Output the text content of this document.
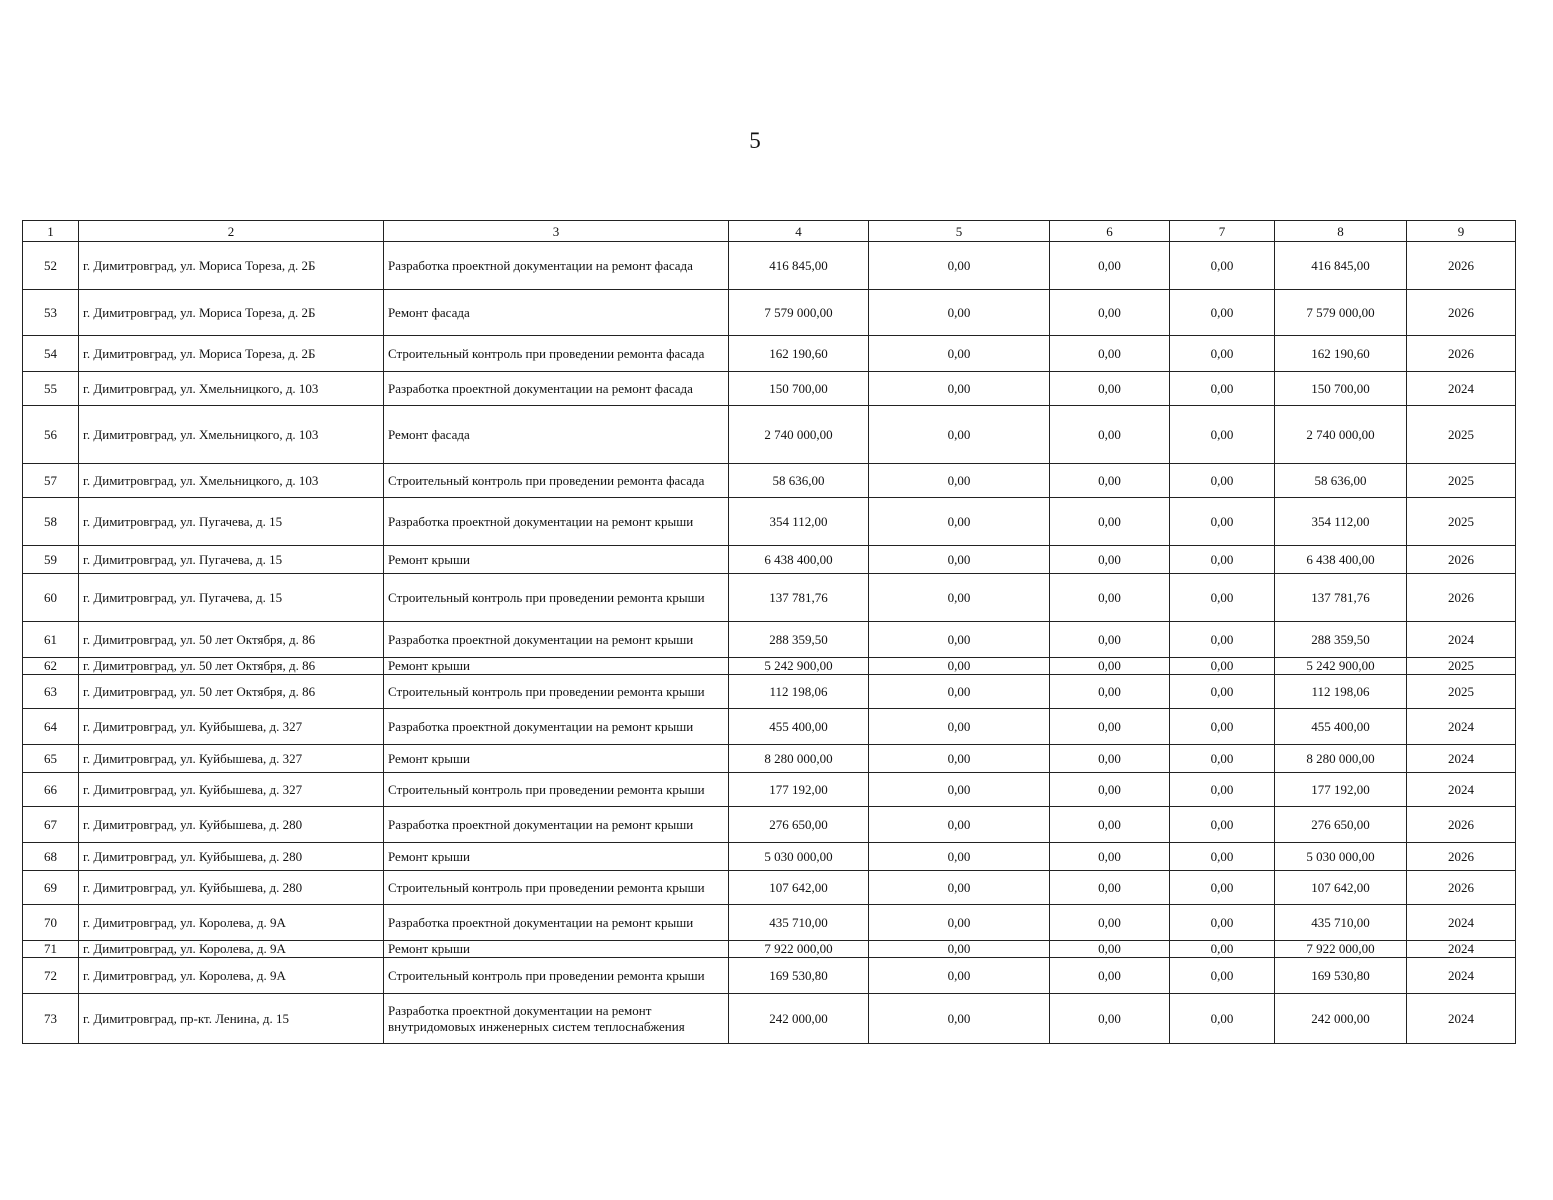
5
1	2	3	4	5	6	7	8	9
52	г. Димитровград, ул. Мориса Тореза, д. 2Б	Разработка проектной документации на ремонт фасада	416 845,00	0,00	0,00	0,00	416 845,00	2026
53	г. Димитровград, ул. Мориса Тореза, д. 2Б	Ремонт фасада	7 579 000,00	0,00	0,00	0,00	7 579 000,00	2026
54	г. Димитровград, ул. Мориса Тореза, д. 2Б	Строительный контроль при проведении ремонта фасада	162 190,60	0,00	0,00	0,00	162 190,60	2026
55	г. Димитровград, ул. Хмельницкого, д. 103	Разработка проектной документации на ремонт фасада	150 700,00	0,00	0,00	0,00	150 700,00	2024
56	г. Димитровград, ул. Хмельницкого, д. 103	Ремонт фасада	2 740 000,00	0,00	0,00	0,00	2 740 000,00	2025
57	г. Димитровград, ул. Хмельницкого, д. 103	Строительный контроль при проведении ремонта фасада	58 636,00	0,00	0,00	0,00	58 636,00	2025
58	г. Димитровград, ул. Пугачева, д. 15	Разработка проектной документации на ремонт крыши	354 112,00	0,00	0,00	0,00	354 112,00	2025
59	г. Димитровград, ул. Пугачева, д. 15	Ремонт крыши	6 438 400,00	0,00	0,00	0,00	6 438 400,00	2026
60	г. Димитровград, ул. Пугачева, д. 15	Строительный контроль при проведении ремонта крыши	137 781,76	0,00	0,00	0,00	137 781,76	2026
61	г. Димитровград, ул. 50 лет Октября, д. 86	Разработка проектной документации на ремонт крыши	288 359,50	0,00	0,00	0,00	288 359,50	2024
62	г. Димитровград, ул. 50 лет Октября, д. 86	Ремонт крыши	5 242 900,00	0,00	0,00	0,00	5 242 900,00	2025
63	г. Димитровград, ул. 50 лет Октября, д. 86	Строительный контроль при проведении ремонта крыши	112 198,06	0,00	0,00	0,00	112 198,06	2025
64	г. Димитровград, ул. Куйбышева, д. 327	Разработка проектной документации на ремонт крыши	455 400,00	0,00	0,00	0,00	455 400,00	2024
65	г. Димитровград, ул. Куйбышева, д. 327	Ремонт крыши	8 280 000,00	0,00	0,00	0,00	8 280 000,00	2024
66	г. Димитровград, ул. Куйбышева, д. 327	Строительный контроль при проведении ремонта крыши	177 192,00	0,00	0,00	0,00	177 192,00	2024
67	г. Димитровград, ул. Куйбышева, д. 280	Разработка проектной документации на ремонт крыши	276 650,00	0,00	0,00	0,00	276 650,00	2026
68	г. Димитровград, ул. Куйбышева, д. 280	Ремонт крыши	5 030 000,00	0,00	0,00	0,00	5 030 000,00	2026
69	г. Димитровград, ул. Куйбышева, д. 280	Строительный контроль при проведении ремонта крыши	107 642,00	0,00	0,00	0,00	107 642,00	2026
70	г. Димитровград, ул. Королева, д. 9А	Разработка проектной документации на ремонт крыши	435 710,00	0,00	0,00	0,00	435 710,00	2024
71	г. Димитровград, ул. Королева, д. 9А	Ремонт крыши	7 922 000,00	0,00	0,00	0,00	7 922 000,00	2024
72	г. Димитровград, ул. Королева, д. 9А	Строительный контроль при проведении ремонта крыши	169 530,80	0,00	0,00	0,00	169 530,80	2024
73	г. Димитровград, пр-кт. Ленина, д. 15	Разработка проектной документации на ремонт внутридомовых инженерных систем теплоснабжения	242 000,00	0,00	0,00	0,00	242 000,00	2024
